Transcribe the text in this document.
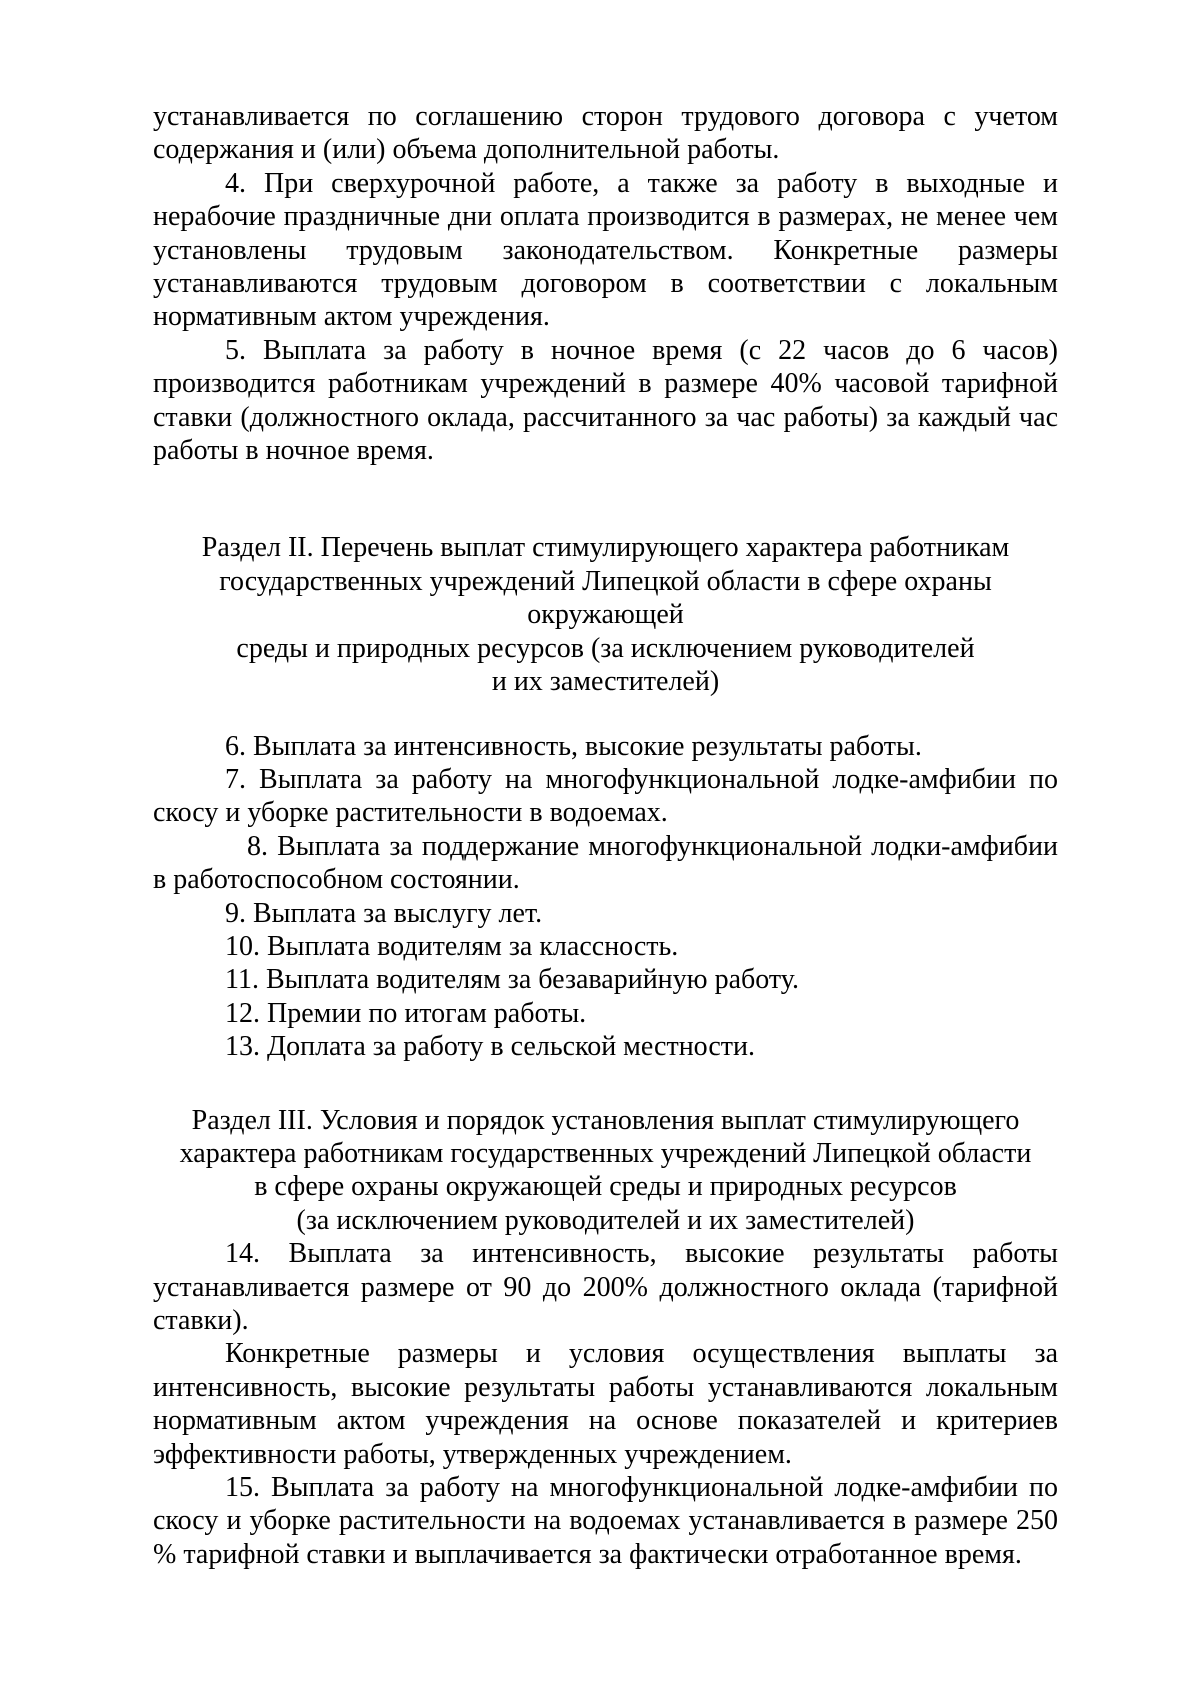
устанавливается по соглашению сторон трудового договора с учетом содержания и (или) объема дополнительной работы.

4. При сверхурочной работе, а также за работу в выходные и нерабочие праздничные дни оплата производится в размерах, не менее чем установлены трудовым законодательством. Конкретные размеры устанавливаются трудовым договором в соответствии с локальным нормативным актом учреждения.

5. Выплата за работу в ночное время (с 22 часов до 6 часов) производится работникам учреждений в размере 40% часовой тарифной ставки (должностного оклада, рассчитанного за час работы) за каждый час работы в ночное время.

Раздел II. Перечень выплат стимулирующего характера работникам
государственных учреждений Липецкой области в сфере охраны окружающей
среды и природных ресурсов (за исключением руководителей
и их заместителей)

6. Выплата за интенсивность, высокие результаты работы.

7. Выплата за работу на многофункциональной лодке-амфибии по скосу и уборке растительности в водоемах.

8. Выплата за поддержание многофункциональной лодки-амфибии в работоспособном состоянии.

9. Выплата за выслугу лет.

10. Выплата водителям за классность.

11. Выплата водителям за безаварийную работу.

12. Премии по итогам работы.

13. Доплата за работу в сельской местности.

Раздел III. Условия и порядок установления выплат стимулирующего
характера работникам государственных учреждений Липецкой области
в сфере охраны окружающей среды и природных ресурсов
(за исключением руководителей и их заместителей)

14. Выплата за интенсивность, высокие результаты работы устанавливается размере от 90 до 200% должностного оклада (тарифной ставки).

Конкретные размеры и условия осуществления выплаты за интенсивность, высокие результаты работы устанавливаются локальным нормативным актом учреждения на основе показателей и критериев эффективности работы, утвержденных учреждением.

15. Выплата за работу на многофункциональной лодке-амфибии по скосу и уборке растительности на водоемах устанавливается в размере 250 % тарифной ставки и выплачивается за фактически отработанное время.
